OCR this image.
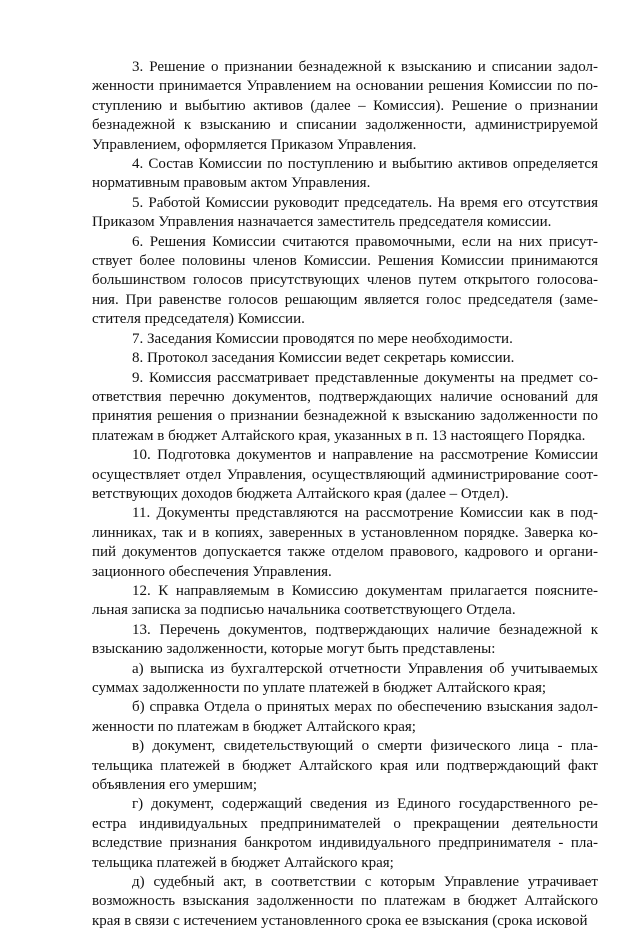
3. Решение о признании безнадежной к взысканию и списании задолженности принимается Управлением на основании решения Комиссии по поступлению и выбытию активов (далее – Комиссия). Решение о признании безнадежной к взысканию и списании задолженности, администрируемой Управлением, оформляется Приказом Управления.

4. Состав Комиссии по поступлению и выбытию активов определяется нормативным правовым актом Управления.

5. Работой Комиссии руководит председатель. На время его отсутствия Приказом Управления назначается заместитель председателя комиссии.

6. Решения Комиссии считаются правомочными, если на них присутствует более половины членов Комиссии. Решения Комиссии принимаются большинством голосов присутствующих членов путем открытого голосования. При равенстве голосов решающим является голос председателя (заместителя председателя) Комиссии.

7. Заседания Комиссии проводятся по мере необходимости.

8. Протокол заседания Комиссии ведет секретарь комиссии.

9. Комиссия рассматривает представленные документы на предмет соответствия перечню документов, подтверждающих наличие оснований для принятия решения о признании безнадежной к взысканию задолженности по платежам в бюджет Алтайского края, указанных в п. 13 настоящего Порядка.

10. Подготовка документов и направление на рассмотрение Комиссии осуществляет отдел Управления, осуществляющий администрирование соответствующих доходов бюджета Алтайского края (далее – Отдел).

11. Документы представляются на рассмотрение Комиссии как в подлинниках, так и в копиях, заверенных в установленном порядке. Заверка копий документов допускается также отделом правового, кадрового и организационного обеспечения Управления.

12. К направляемым в Комиссию документам прилагается пояснительная записка за подписью начальника соответствующего Отдела.

13. Перечень документов, подтверждающих наличие безнадежной к взысканию задолженности, которые могут быть представлены:

а) выписка из бухгалтерской отчетности Управления об учитываемых суммах задолженности по уплате платежей в бюджет Алтайского края;

б) справка Отдела о принятых мерах по обеспечению взыскания задолженности по платежам в бюджет Алтайского края;

в) документ, свидетельствующий о смерти физического лица - плательщика платежей в бюджет Алтайского края или подтверждающий факт объявления его умершим;

г) документ, содержащий сведения из Единого государственного реестра индивидуальных предпринимателей о прекращении деятельности вследствие признания банкротом индивидуального предпринимателя - плательщика платежей в бюджет Алтайского края;

д) судебный акт, в соответствии с которым Управление утрачивает возможность взыскания задолженности по платежам в бюджет Алтайского края в связи с истечением установленного срока ее взыскания (срока исковой
